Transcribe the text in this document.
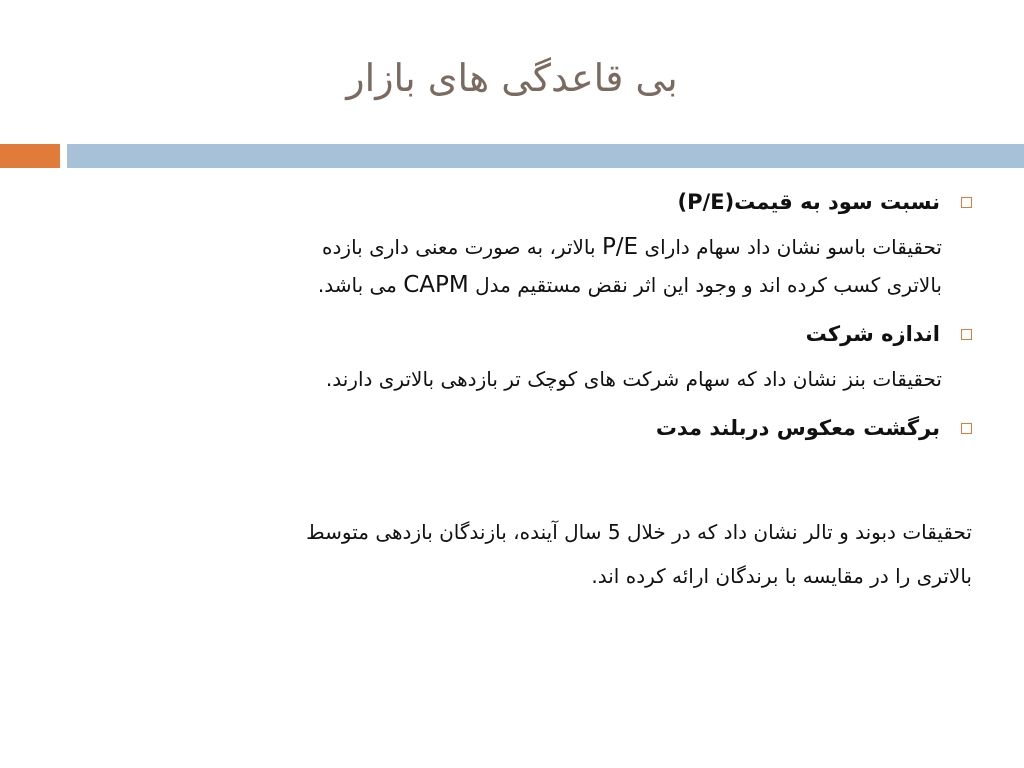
بی قاعدگی های بازار
نسبت سود به قیمت(P/E)
تحقیقات باسو نشان داد سهام دارای P/E بالاتر، به صورت معنی داری بازده
بالاتری کسب کرده اند و وجود این اثر نقض مستقیم مدل CAPM می باشد.
اندازه شرکت
تحقیقات بنز نشان داد که سهام شرکت های کوچک تر بازدهی بالاتری دارند.
برگشت معکوس دربلند مدت
تحقیقات دبوند و تالر نشان داد که در خلال 5 سال آینده، بازندگان بازدهی متوسط
بالاتری را در مقایسه با برندگان ارائه کرده اند.
